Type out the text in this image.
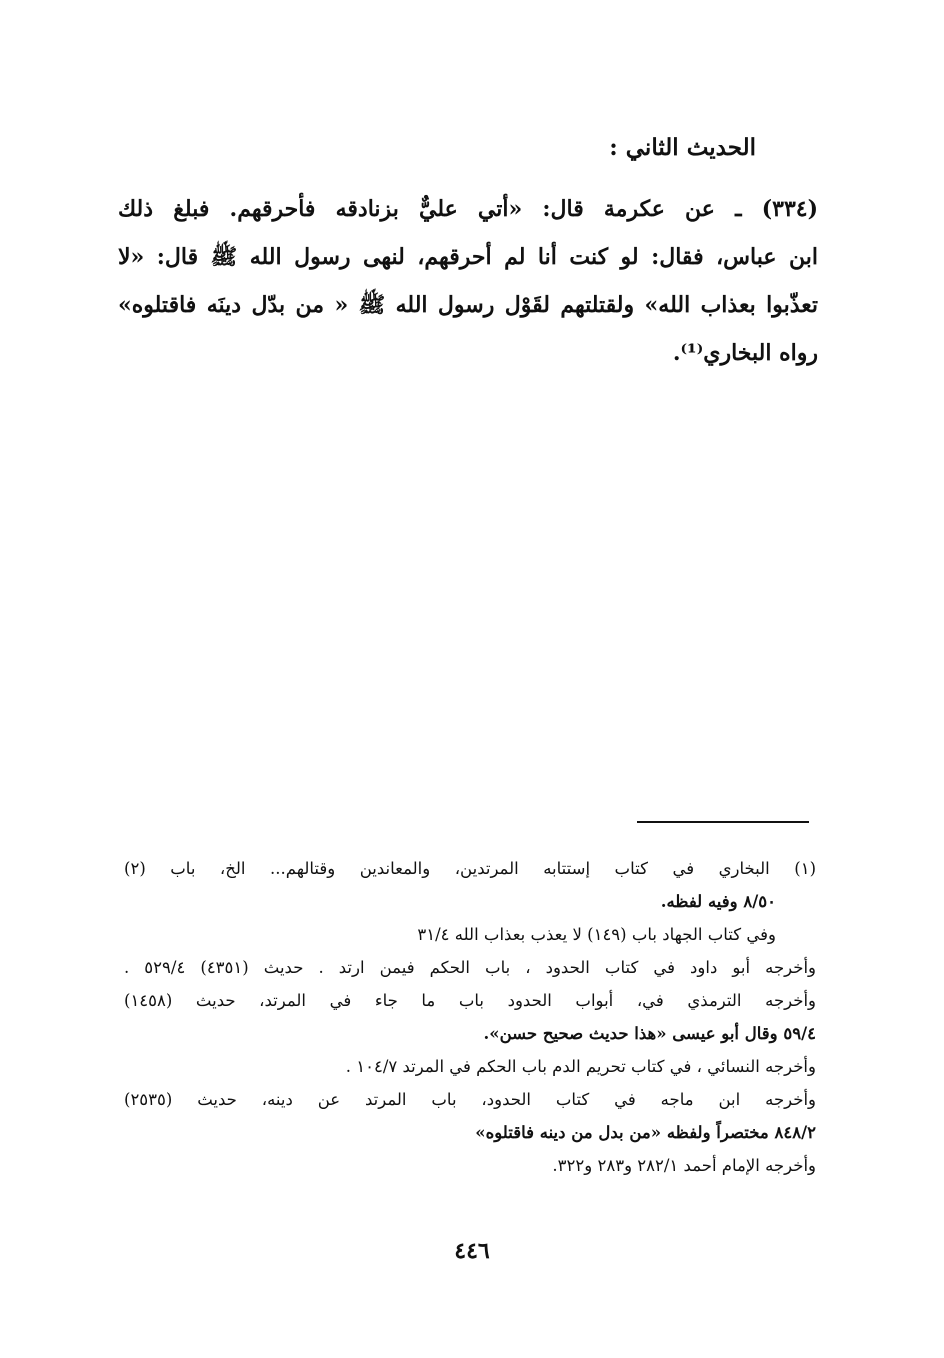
الحديث الثاني :
(٣٣٤) ـ عن عكرمة قال: «أتي عليٌّ بزنادقه فأحرقهم. فبلغ ذلك
ابن عباس، فقال: لو كنت أنا لم أحرقهم، لنهى رسول الله ﷺ قال: «لا
تعذّبوا بعذاب الله» ولقتلتهم لقَوْل رسول الله ﷺ « من بدّل دينَه فاقتلوه»
رواه البخاري⁽¹⁾.
(١) البخاري في كتاب إستتابه المرتدين، والمعاندين وقتالهم... الخ، باب (٢)
٨/٥٠ وفيه لفظه.
وفي كتاب الجهاد باب (١٤٩) لا يعذب بعذاب الله ٣١/٤
وأخرجه أبو داود في كتاب الحدود ، باب الحكم فيمن ارتد . حديث (٤٣٥١) ٥٢٩/٤ .
وأخرجه الترمذي في، أبواب الحدود باب ما جاء في المرتد، حديث (١٤٥٨)
٥٩/٤ وقال أبو عيسى «هذا حديث صحيح حسن».
وأخرجه النسائي ، في كتاب تحريم الدم باب الحكم في المرتد ١٠٤/٧ .
وأخرجه ابن ماجه في كتاب الحدود، باب المرتد عن دينه، حديث (٢٥٣٥)
٨٤٨/٢ مختصراً ولفظه «من بدل من دينه فاقتلوه»
وأخرجه الإمام أحمد ٢٨٢/١ و٢٨٣ و٣٢٢.
٤٤٦
